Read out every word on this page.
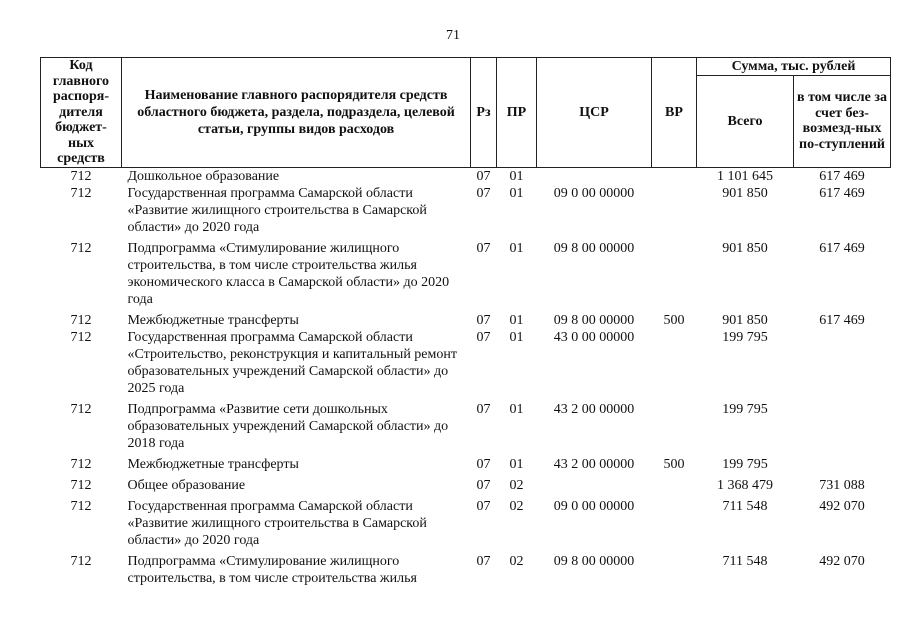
71
Код главного распоря-дителя бюджет-ных средств	Наименование главного распорядителя средств областного бюджета, раздела, подраздела, целевой статьи, группы видов расходов	Рз	ПР	ЦСР	ВР	Сумма, тыс. рублей	
						Всего	в том числе за счет без-возмезд-ных по-ступлений
712	Дошкольное образование	07	01			1 101 645	617 469
712	Государственная программа Самарской области «Развитие жилищного строительства в Самарской области» до 2020 года	07	01	09 0 00 00000		901 850	617 469
712	Подпрограмма «Стимулирование жилищного строительства, в том числе строительства жилья экономического класса в Самарской области» до 2020 года	07	01	09 8 00 00000		901 850	617 469
712	Межбюджетные трансферты	07	01	09 8 00 00000	500	901 850	617 469
712	Государственная программа Самарской области «Строительство, реконструкция и капитальный ремонт образовательных учреждений Самарской области» до 2025 года	07	01	43 0 00 00000		199 795	
712	Подпрограмма «Развитие сети дошкольных образовательных учреждений Самарской области» до 2018 года	07	01	43 2 00 00000		199 795	
712	Межбюджетные трансферты	07	01	43 2 00 00000	500	199 795	
712	Общее образование	07	02			1 368 479	731 088
712	Государственная программа Самарской области «Развитие жилищного строительства в Самарской области» до 2020 года	07	02	09 0 00 00000		711 548	492 070
712	Подпрограмма «Стимулирование жилищного строительства, в том числе строительства жилья	07	02	09 8 00 00000		711 548	492 070
